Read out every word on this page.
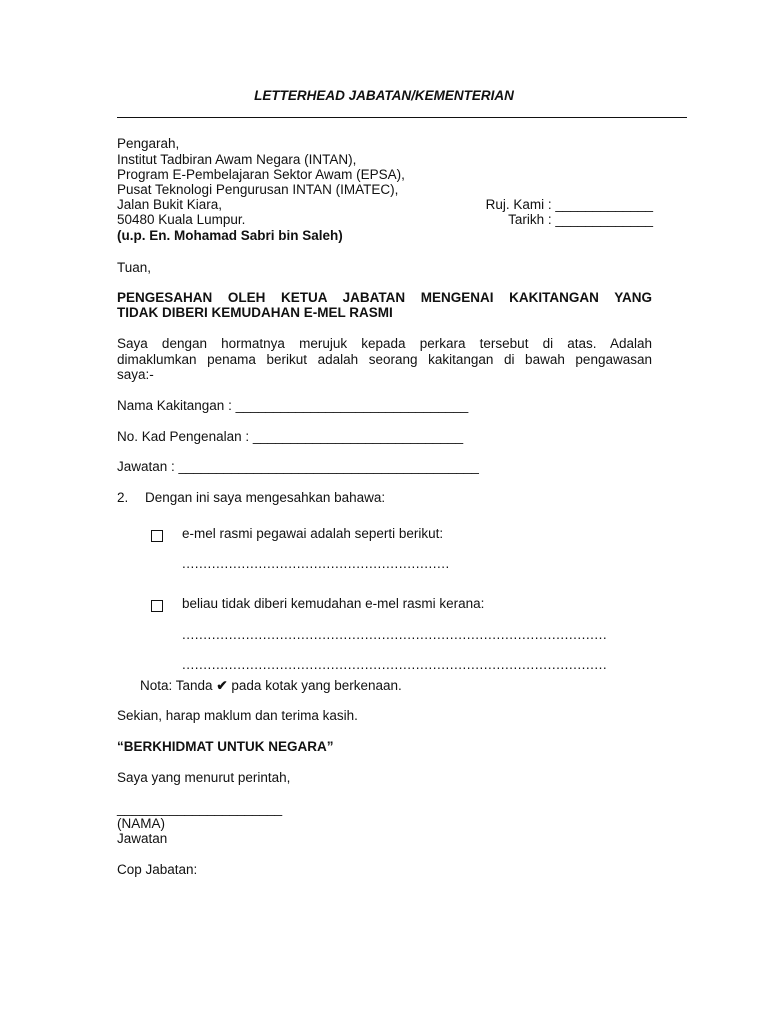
LETTERHEAD JABATAN/KEMENTERIAN
Pengarah,
Institut Tadbiran Awam Negara (INTAN),
Program E-Pembelajaran Sektor Awam (EPSA),
Pusat Teknologi Pengurusan INTAN (IMATEC),
Jalan Bukit Kiara,
50480 Kuala Lumpur.
(u.p. En. Mohamad Sabri bin Saleh)
Ruj. Kami : _____________
Tarikh : _____________
Tuan,
PENGESAHAN OLEH KETUA JABATAN MENGENAI KAKITANGAN YANG
TIDAK DIBERI KEMUDAHAN E-MEL RASMI
Saya dengan hormatnya merujuk kepada perkara tersebut di atas. Adalah
dimaklumkan penama berikut adalah seorang kakitangan di bawah pengawasan
saya:-
Nama Kakitangan : _______________________________
No. Kad Pengenalan : ____________________________
Jawatan : ________________________________________
2. Dengan ini saya mengesahkan bahawa:
e-mel rasmi pegawai adalah seperti berikut:
...............................................................
beliau tidak diberi kemudahan e-mel rasmi kerana:
....................................................................................................
....................................................................................................
Nota: Tanda ✔ pada kotak yang berkenaan.
Sekian, harap maklum dan terima kasih.
“BERKHIDMAT UNTUK NEGARA”
Saya yang menurut perintah,
______________________
(NAMA)
Jawatan
Cop Jabatan:
